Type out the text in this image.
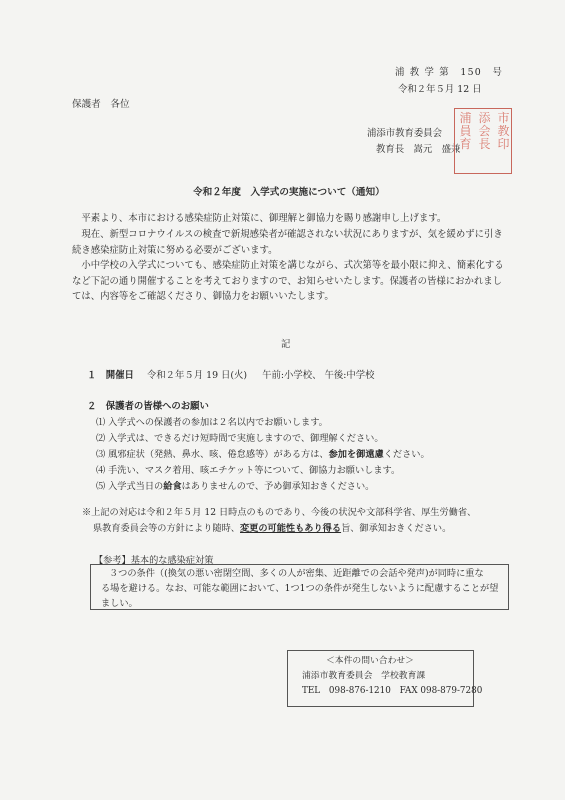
浦 教 学 第　150　号
令和２年５月 12 日
保護者　各位
浦添市教育委員会
教育長　嵩元　盛兼
市
教
印
添
会
長
浦
員
育
令和２年度　入学式の実施について（通知）
平素より、本市における感染症防止対策に、御理解と御協力を賜り感謝申し上げます。
現在、新型コロナウイルスの検査で新規感染者が確認されない状況にありますが、気を緩めずに引き
続き感染症防止対策に努める必要がございます。
小中学校の入学式についても、感染症防止対策を講じながら、式次第等を最小限に抑え、簡素化する
など下記の通り開催することを考えておりますので、お知らせいたします。保護者の皆様におかれまし
ては、内容等をご確認くださり、御協力をお願いいたします。
記
１　開催日 令和２年５月 19 日(火) 午前:小学校、 午後:中学校
２　保護者の皆様へのお願い
⑴ 入学式への保護者の参加は２名以内でお願いします。
⑵ 入学式は、できるだけ短時間で実施しますので、御理解ください。
⑶ 風邪症状（発熱、鼻水、咳、倦怠感等）がある方は、参加を御遠慮ください。
⑷ 手洗い、マスク着用、咳エチケット等について、御協力お願いします。
⑸ 入学式当日の給食はありませんので、予め御承知おきください。
※上記の対応は令和２年５月 12 日時点のものであり、今後の状況や文部科学省、厚生労働省、
県教育委員会等の方針により随時、変更の可能性もあり得る旨、御承知おきください。
【参考】基本的な感染症対策
３つの条件（(換気の悪い密閉空間、多くの人が密集、近距離での会話や発声)が同時に重な
る場を避ける。なお、可能な範囲において、1つ1つの条件が発生しないように配慮することが望
ましい。
＜本件の問い合わせ＞
浦添市教育委員会　学校教育課
TEL　098-876-1210　FAX 098-879-7280
